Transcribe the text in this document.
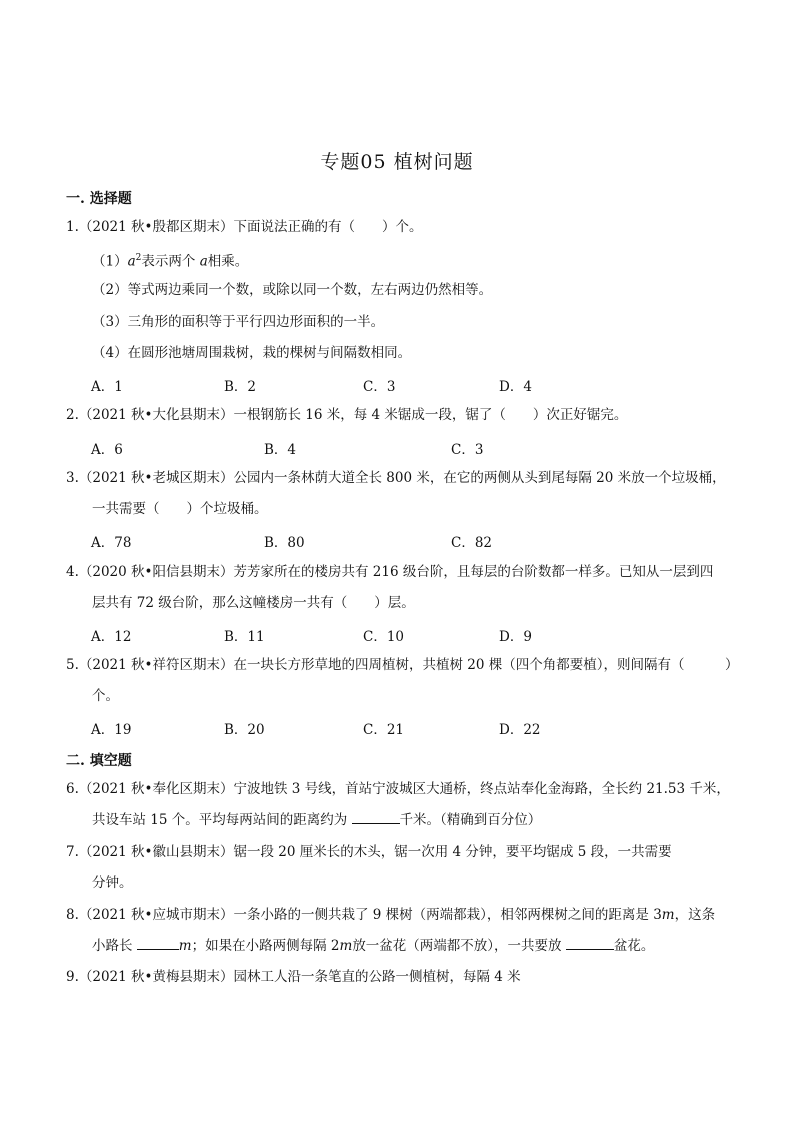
专题05 植树问题
一. 选择题
1.（2021 秋•殷都区期末）下面说法正确的有（　　）个。
$(1)a^2$表示两个 a相乘。
（2）等式两边乘同一个数，或除以同一个数，左右两边仍然相等。
（3）三角形的面积等于平行四边形面积的一半。
（4）在圆形池塘周围栽树，栽的棵树与间隔数相同。
A．1	B．2	C．3	D．4
2.（2021 秋•大化县期末）一根钢筋长 16 米，每 4 米锯成一段，锯了（　　）次正好锯完。
A．6	B．4	C．3
3.（2021 秋•老城区期末）公园内一条林荫大道全长 800 米，在它的两侧从头到尾每隔 20 米放一个垃圾桶，
一共需要（　　）个垃圾桶。
A．78	B．80	C．82
4.（2020 秋•阳信县期末）芳芳家所在的楼房共有 216 级台阶，且每层的台阶数都一样多。已知从一层到四
层共有 72 级台阶，那么这幢楼房一共有（　　）层。
A．12	B．11	C．10	D．9
5.（2021 秋•祥符区期末）在一块长方形草地的四周植树，共植树 20 棵（四个角都要植），则间隔有（　　　）
个。
A．19	B．20	C．21	D．22
二. 填空题
6.（2021 秋•奉化区期末）宁波地铁 3 号线，首站宁波城区大通桥，终点站奉化金海路，全长约 21.53 千米，
共设车站 15 个。平均每两站间的距离约为	千米。（精确到百分位）
7.（2021 秋•徽山县期末）锯一段 20 厘米长的木头，锯一次用 4 分钟，要平均锯成 5 段，一共需要
分钟。
8.（2021 秋•应城市期末）一条小路的一侧共栽了 9 棵树（两端都栽），相邻两棵树之间的距离是 3m，这条
小路长	m；如果在小路两侧每隔 2m放一盆花（两端都不放），一共要放	盆花。
9.（2021 秋•黄梅县期末）园林工人沿一条笔直的公路一侧植树，每隔 4 米
